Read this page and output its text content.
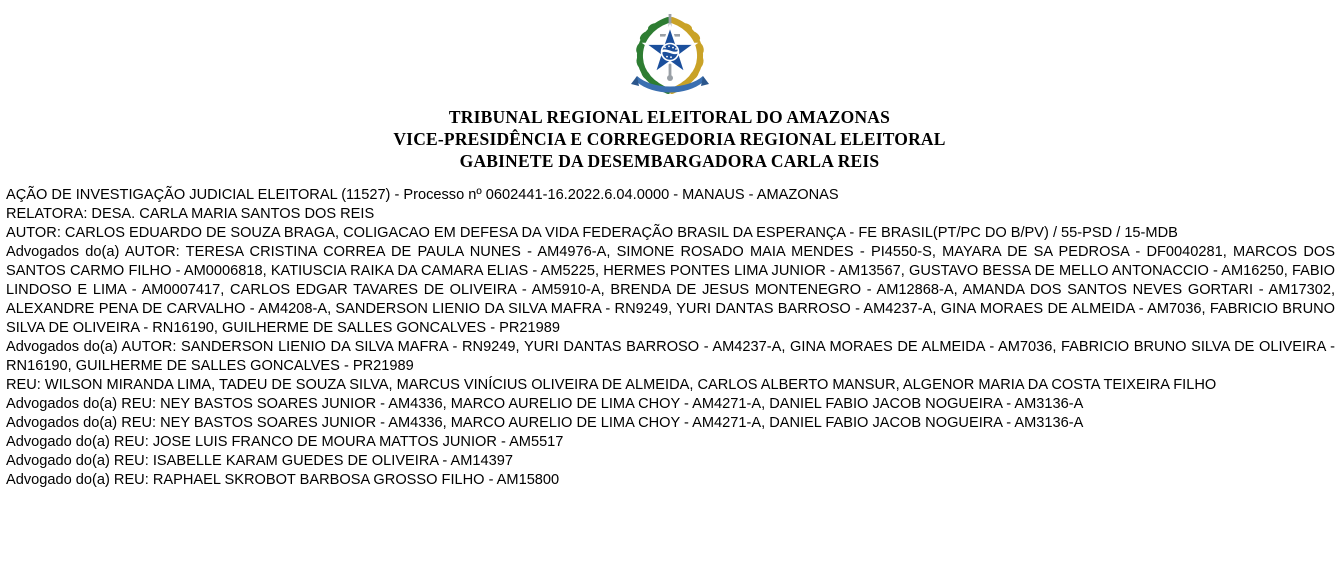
TRIBUNAL REGIONAL ELEITORAL DO AMAZONAS
VICE-PRESIDÊNCIA E CORREGEDORIA REGIONAL ELEITORAL
GABINETE DA DESEMBARGADORA CARLA REIS

AÇÃO DE INVESTIGAÇÃO JUDICIAL ELEITORAL (11527) - Processo nº 0602441-16.2022.6.04.0000 - MANAUS - AMAZONAS

RELATORA: DESA. CARLA MARIA SANTOS DOS REIS

AUTOR: CARLOS EDUARDO DE SOUZA BRAGA, COLIGACAO EM DEFESA DA VIDA FEDERAÇÃO BRASIL DA ESPERANÇA - FE BRASIL(PT/PC DO B/PV) / 55-PSD / 15-MDB

Advogados do(a) AUTOR: TERESA CRISTINA CORREA DE PAULA NUNES - AM4976-A, SIMONE ROSADO MAIA MENDES - PI4550-S, MAYARA DE SA PEDROSA - DF0040281, MARCOS DOS SANTOS CARMO FILHO - AM0006818, KATIUSCIA RAIKA DA CAMARA ELIAS - AM5225, HERMES PONTES LIMA JUNIOR - AM13567, GUSTAVO BESSA DE MELLO ANTONACCIO - AM16250, FABIO LINDOSO E LIMA - AM0007417, CARLOS EDGAR TAVARES DE OLIVEIRA - AM5910-A, BRENDA DE JESUS MONTENEGRO - AM12868-A, AMANDA DOS SANTOS NEVES GORTARI - AM17302, ALEXANDRE PENA DE CARVALHO - AM4208-A, SANDERSON LIENIO DA SILVA MAFRA - RN9249, YURI DANTAS BARROSO - AM4237-A, GINA MORAES DE ALMEIDA - AM7036, FABRICIO BRUNO SILVA DE OLIVEIRA - RN16190, GUILHERME DE SALLES GONCALVES - PR21989

Advogados do(a) AUTOR: SANDERSON LIENIO DA SILVA MAFRA - RN9249, YURI DANTAS BARROSO - AM4237-A, GINA MORAES DE ALMEIDA - AM7036, FABRICIO BRUNO SILVA DE OLIVEIRA - RN16190, GUILHERME DE SALLES GONCALVES - PR21989

REU: WILSON MIRANDA LIMA, TADEU DE SOUZA SILVA, MARCUS VINÍCIUS OLIVEIRA DE ALMEIDA, CARLOS ALBERTO MANSUR, ALGENOR MARIA DA COSTA TEIXEIRA FILHO

Advogados do(a) REU: NEY BASTOS SOARES JUNIOR - AM4336, MARCO AURELIO DE LIMA CHOY - AM4271-A, DANIEL FABIO JACOB NOGUEIRA - AM3136-A

Advogados do(a) REU: NEY BASTOS SOARES JUNIOR - AM4336, MARCO AURELIO DE LIMA CHOY - AM4271-A, DANIEL FABIO JACOB NOGUEIRA - AM3136-A

Advogado do(a) REU: JOSE LUIS FRANCO DE MOURA MATTOS JUNIOR - AM5517

Advogado do(a) REU: ISABELLE KARAM GUEDES DE OLIVEIRA - AM14397

Advogado do(a) REU: RAPHAEL SKROBOT BARBOSA GROSSO FILHO - AM15800
